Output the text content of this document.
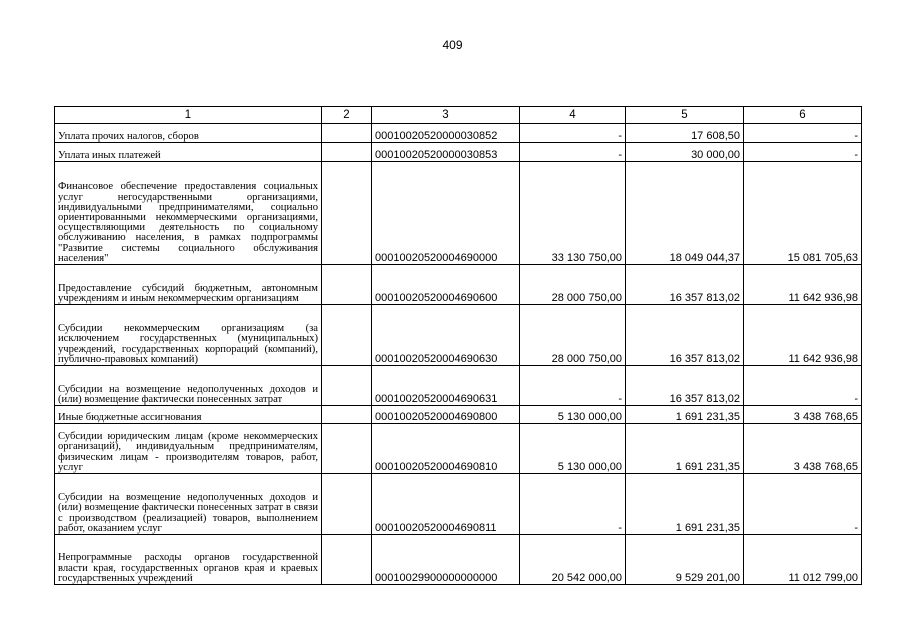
409
1	2	3	4	5	6
Уплата прочих налогов, сборов		00010020520000030852	-	17 608,50	-
Уплата иных платежей		00010020520000030853	-	30 000,00	-
Финансовое обеспечение предоставления социальных услуг негосударственными организациями, индивидуальными предпринимателями, социально ориентированными некоммерческими организациями, осуществляющими деятельность по социальному обслуживанию населения, в рамках подпрограммы "Развитие системы социального обслуживания населения"		00010020520004690000	33 130 750,00	18 049 044,37	15 081 705,63
Предоставление субсидий бюджетным, автономным учреждениям и иным некоммерческим организациям		00010020520004690600	28 000 750,00	16 357 813,02	11 642 936,98
Субсидии некоммерческим организациям (за исключением государственных (муниципальных) учреждений, государственных корпораций (компаний), публично-правовых компаний)		00010020520004690630	28 000 750,00	16 357 813,02	11 642 936,98
Субсидии на возмещение недополученных доходов и (или) возмещение фактически понесенных затрат		00010020520004690631	-	16 357 813,02	-
Иные бюджетные ассигнования		00010020520004690800	5 130 000,00	1 691 231,35	3 438 768,65
Субсидии юридическим лицам (кроме некоммерческих организаций), индивидуальным предпринимателям, физическим лицам - производителям товаров, работ, услуг		00010020520004690810	5 130 000,00	1 691 231,35	3 438 768,65
Субсидии на возмещение недополученных доходов и (или) возмещение фактически понесенных затрат в связи с производством (реализацией) товаров, выполнением работ, оказанием услуг		00010020520004690811	-	1 691 231,35	-
Непрограммные расходы органов государственной власти края, государственных органов края и краевых государственных учреждений		00010029900000000000	20 542 000,00	9 529 201,00	11 012 799,00
